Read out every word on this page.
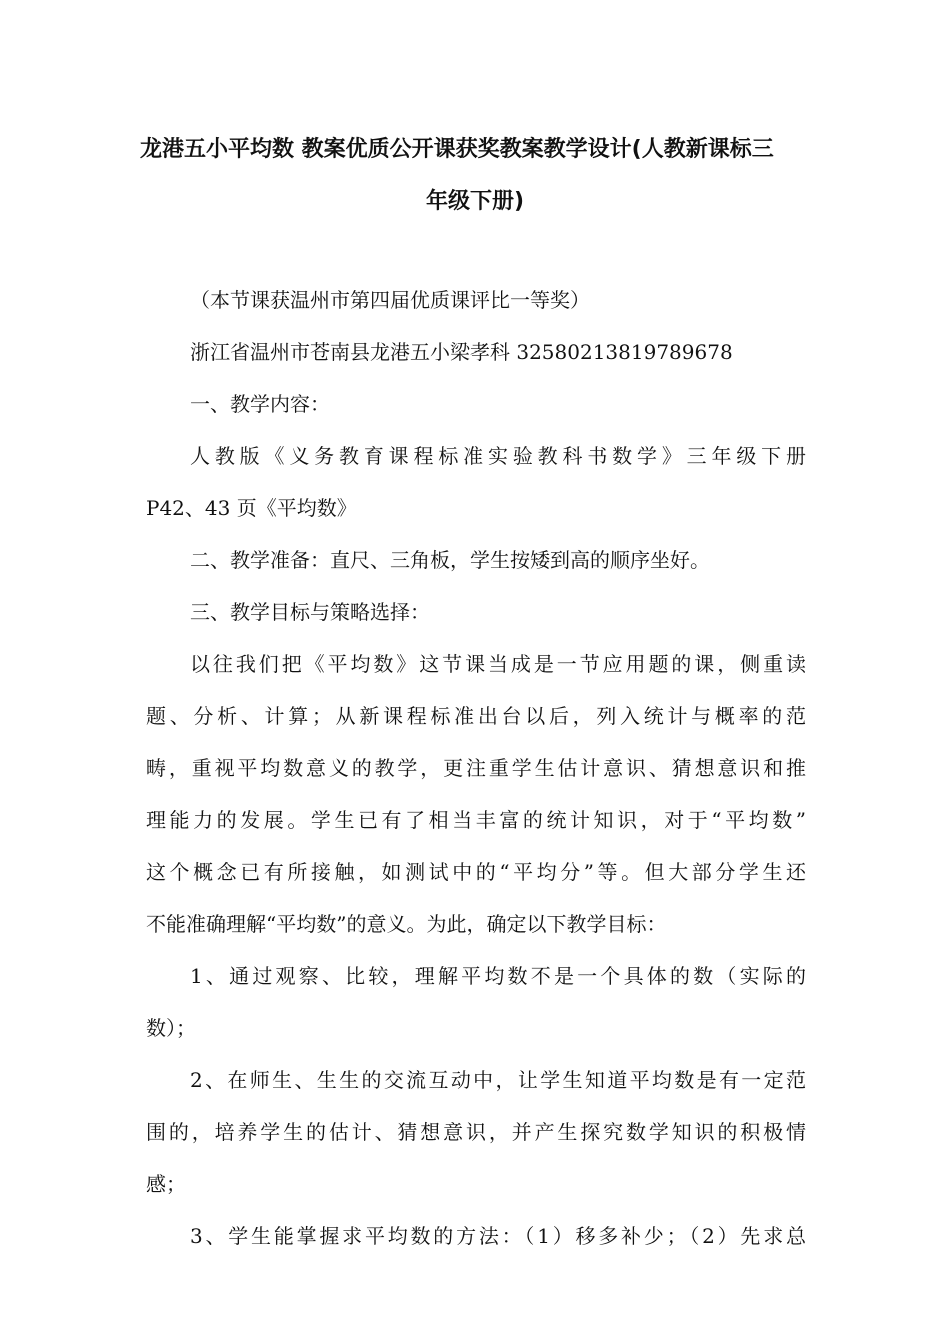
龙港五小平均数 教案优质公开课获奖教案教学设计(人教新课标三
年级下册)
（本节课获温州市第四届优质课评比一等奖）
浙江省温州市苍南县龙港五小梁孝科 32580213819789678
一、教学内容：
人教版《义务教育课程标准实验教科书数学》三年级下册
P42、43 页《平均数》
二、教学准备：直尺、三角板，学生按矮到高的顺序坐好。
三、教学目标与策略选择：
以往我们把《平均数》这节课当成是一节应用题的课，侧重读
题、分析、计算；从新课程标准出台以后，列入统计与概率的范
畴，重视平均数意义的教学，更注重学生估计意识、猜想意识和推
理能力的发展。学生已有了相当丰富的统计知识，对于“平均数”
这个概念已有所接触，如测试中的“平均分”等。但大部分学生还
不能准确理解“平均数”的意义。为此，确定以下教学目标：
1、通过观察、比较，理解平均数不是一个具体的数（实际的
数）；
2、在师生、生生的交流互动中，让学生知道平均数是有一定范
围的，培养学生的估计、猜想意识，并产生探究数学知识的积极情
感；
3、学生能掌握求平均数的方法：（1）移多补少；（2）先求总
